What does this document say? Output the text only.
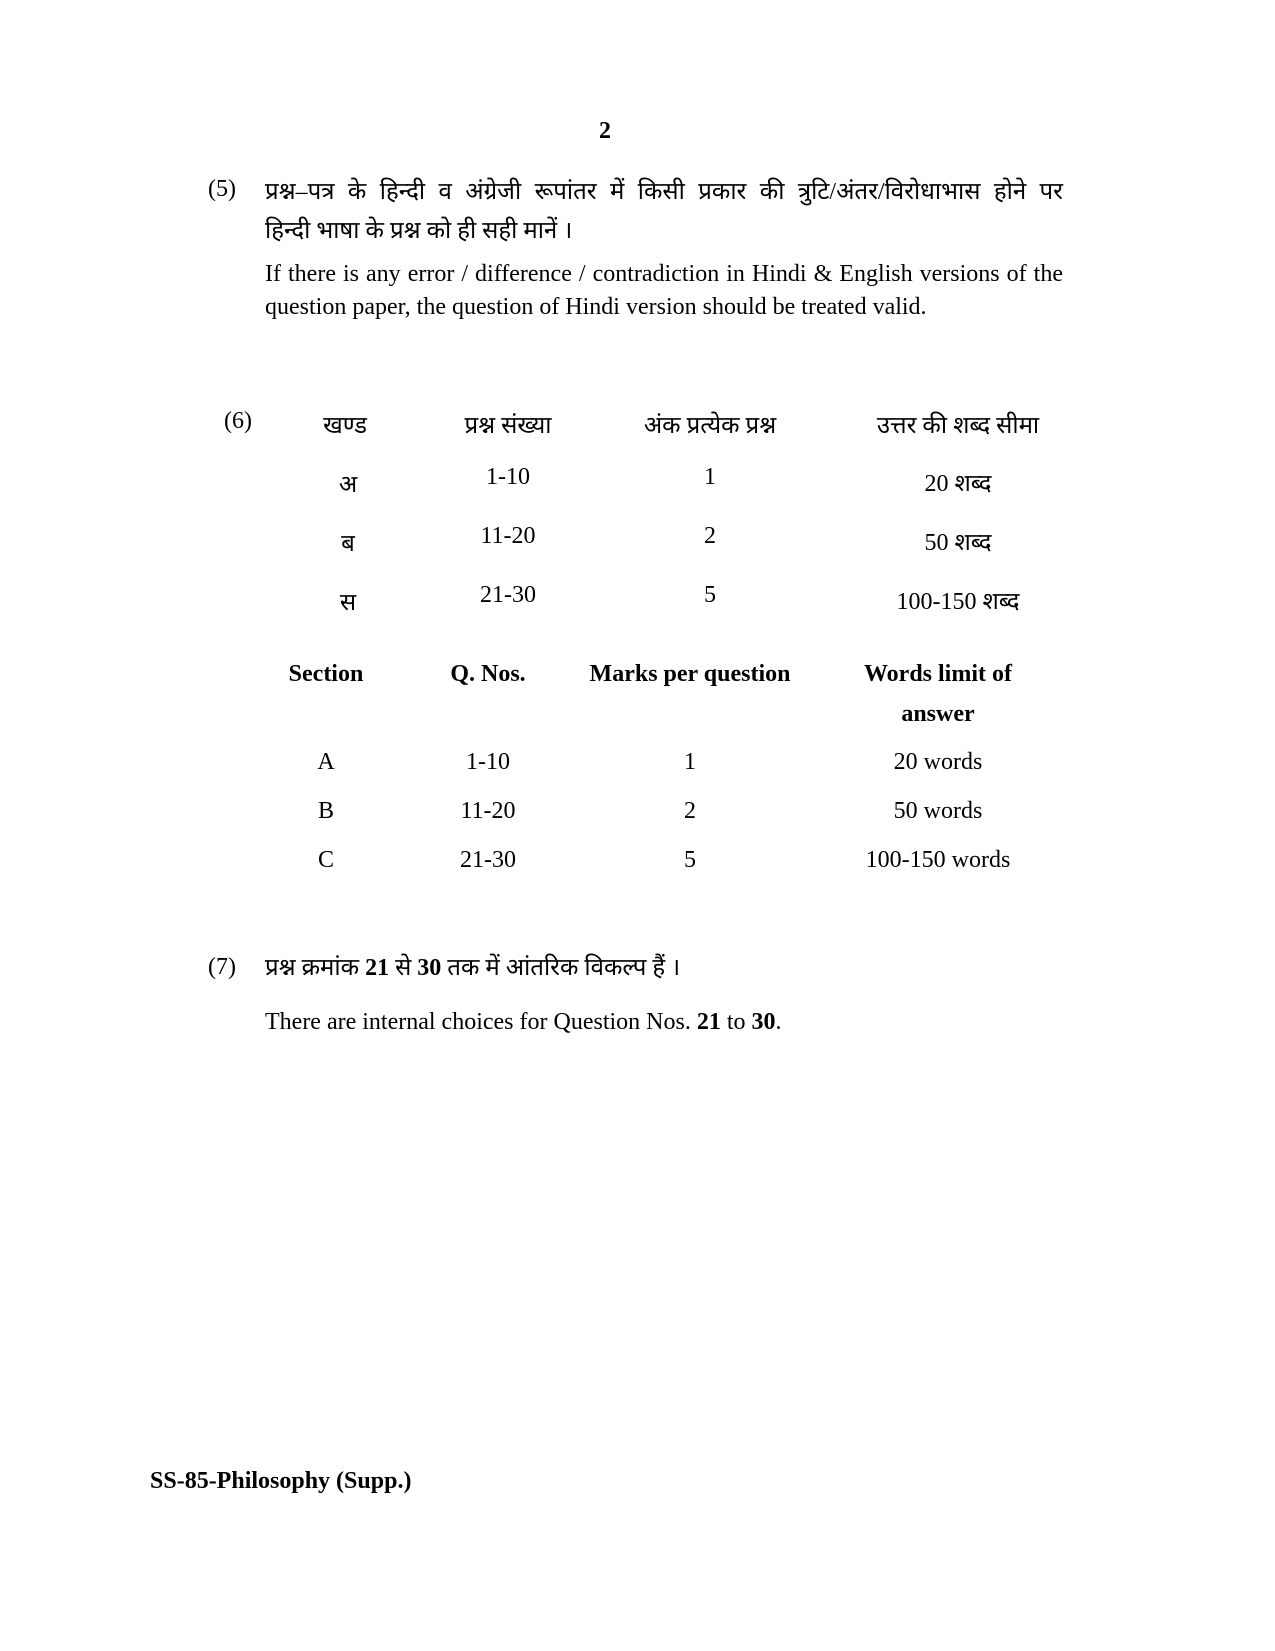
2
(5) प्रश्न–पत्र के हिन्दी व अंग्रेजी रूपांतर में किसी प्रकार की त्रुटि/अंतर/विरोधाभास होने पर
हिन्दी भाषा के प्रश्न को ही सही मानें ।
If there is any error / difference / contradiction in Hindi & English versions of the question paper, the question of Hindi version should be treated valid.
(6)	खण्ड	प्रश्न संख्या	अंक प्रत्येक प्रश्न	उत्तर की शब्द सीमा
अ	1-10	1	20 शब्द
ब	11-20	2	50 शब्द
स	21-30	5	100-150 शब्द
Section	Q. Nos.	Marks per question	Words limit of
answer
A	1-10	1	20 words
B	11-20	2	50 words
C	21-30	5	100-150 words
(7) प्रश्न क्रमांक 21 से 30 तक में आंतरिक विकल्प हैं ।
There are internal choices for Question Nos. 21 to 30.
SS-85-Philosophy (Supp.)
